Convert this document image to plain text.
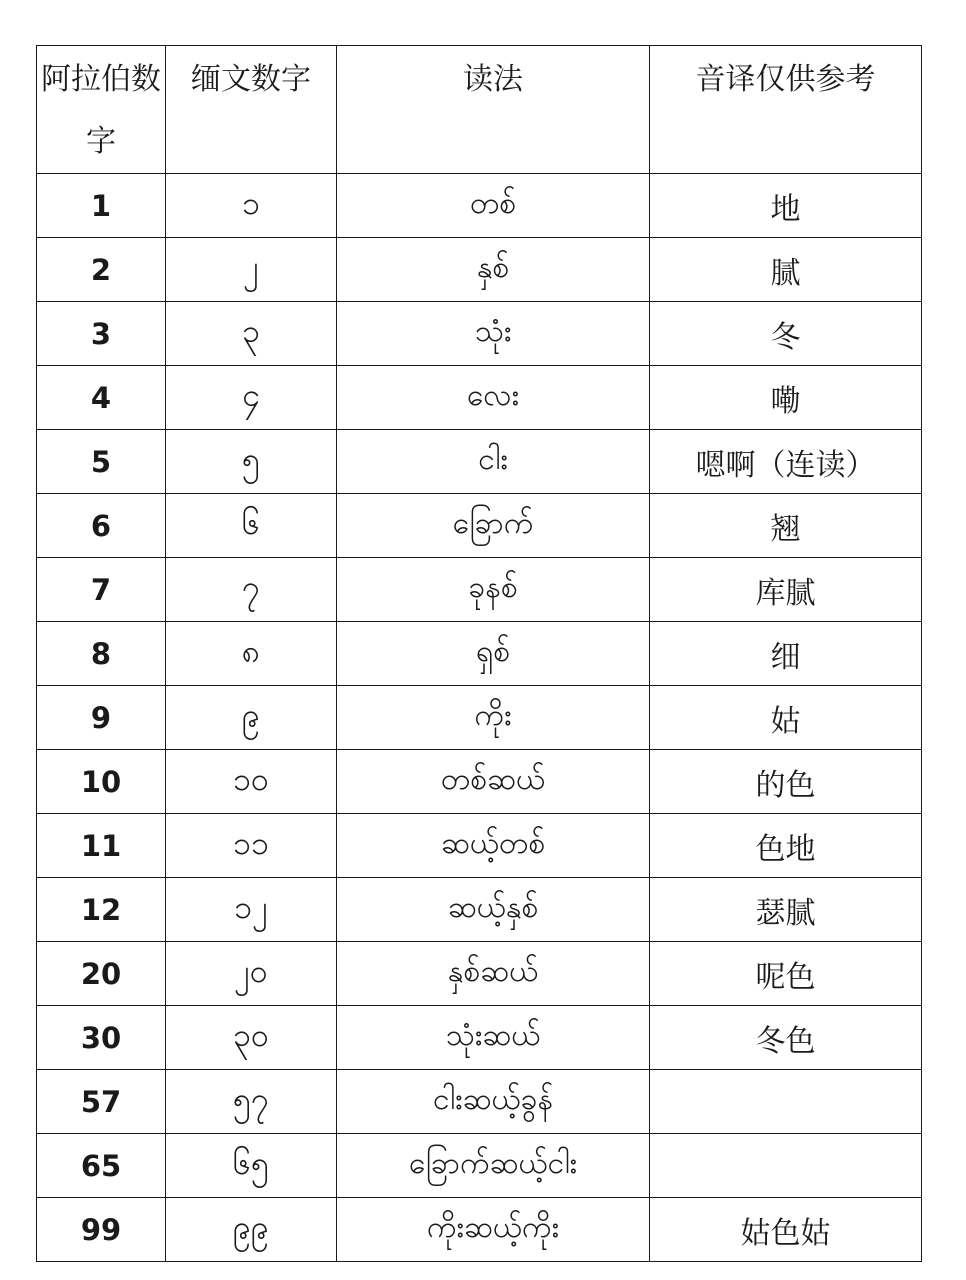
阿拉伯数字	缅文数字	读法	音译仅供参考
1	၁	တစ်	地
2	၂	နှစ်	腻
3	၃	သုံး	冬
4	၄	လေး	嘞
5	၅	ငါး	嗯啊（连读）
6	၆	ခြောက်	翘
7	၇	ခုနစ်	库腻
8	၈	ရှစ်	细
9	၉	ကိုး	姑
10	၁၀	တစ်ဆယ်	的色
11	၁၁	ဆယ့်တစ်	色地
12	၁၂	ဆယ့်နှစ်	瑟腻
20	၂၀	နှစ်ဆယ်	呢色
30	၃၀	သုံးဆယ်	冬色
57	၅၇	ငါးဆယ့်ခွန်	
65	၆၅	ခြောက်ဆယ့်ငါး	
99	၉၉	ကိုးဆယ့်ကိုး	姑色姑
